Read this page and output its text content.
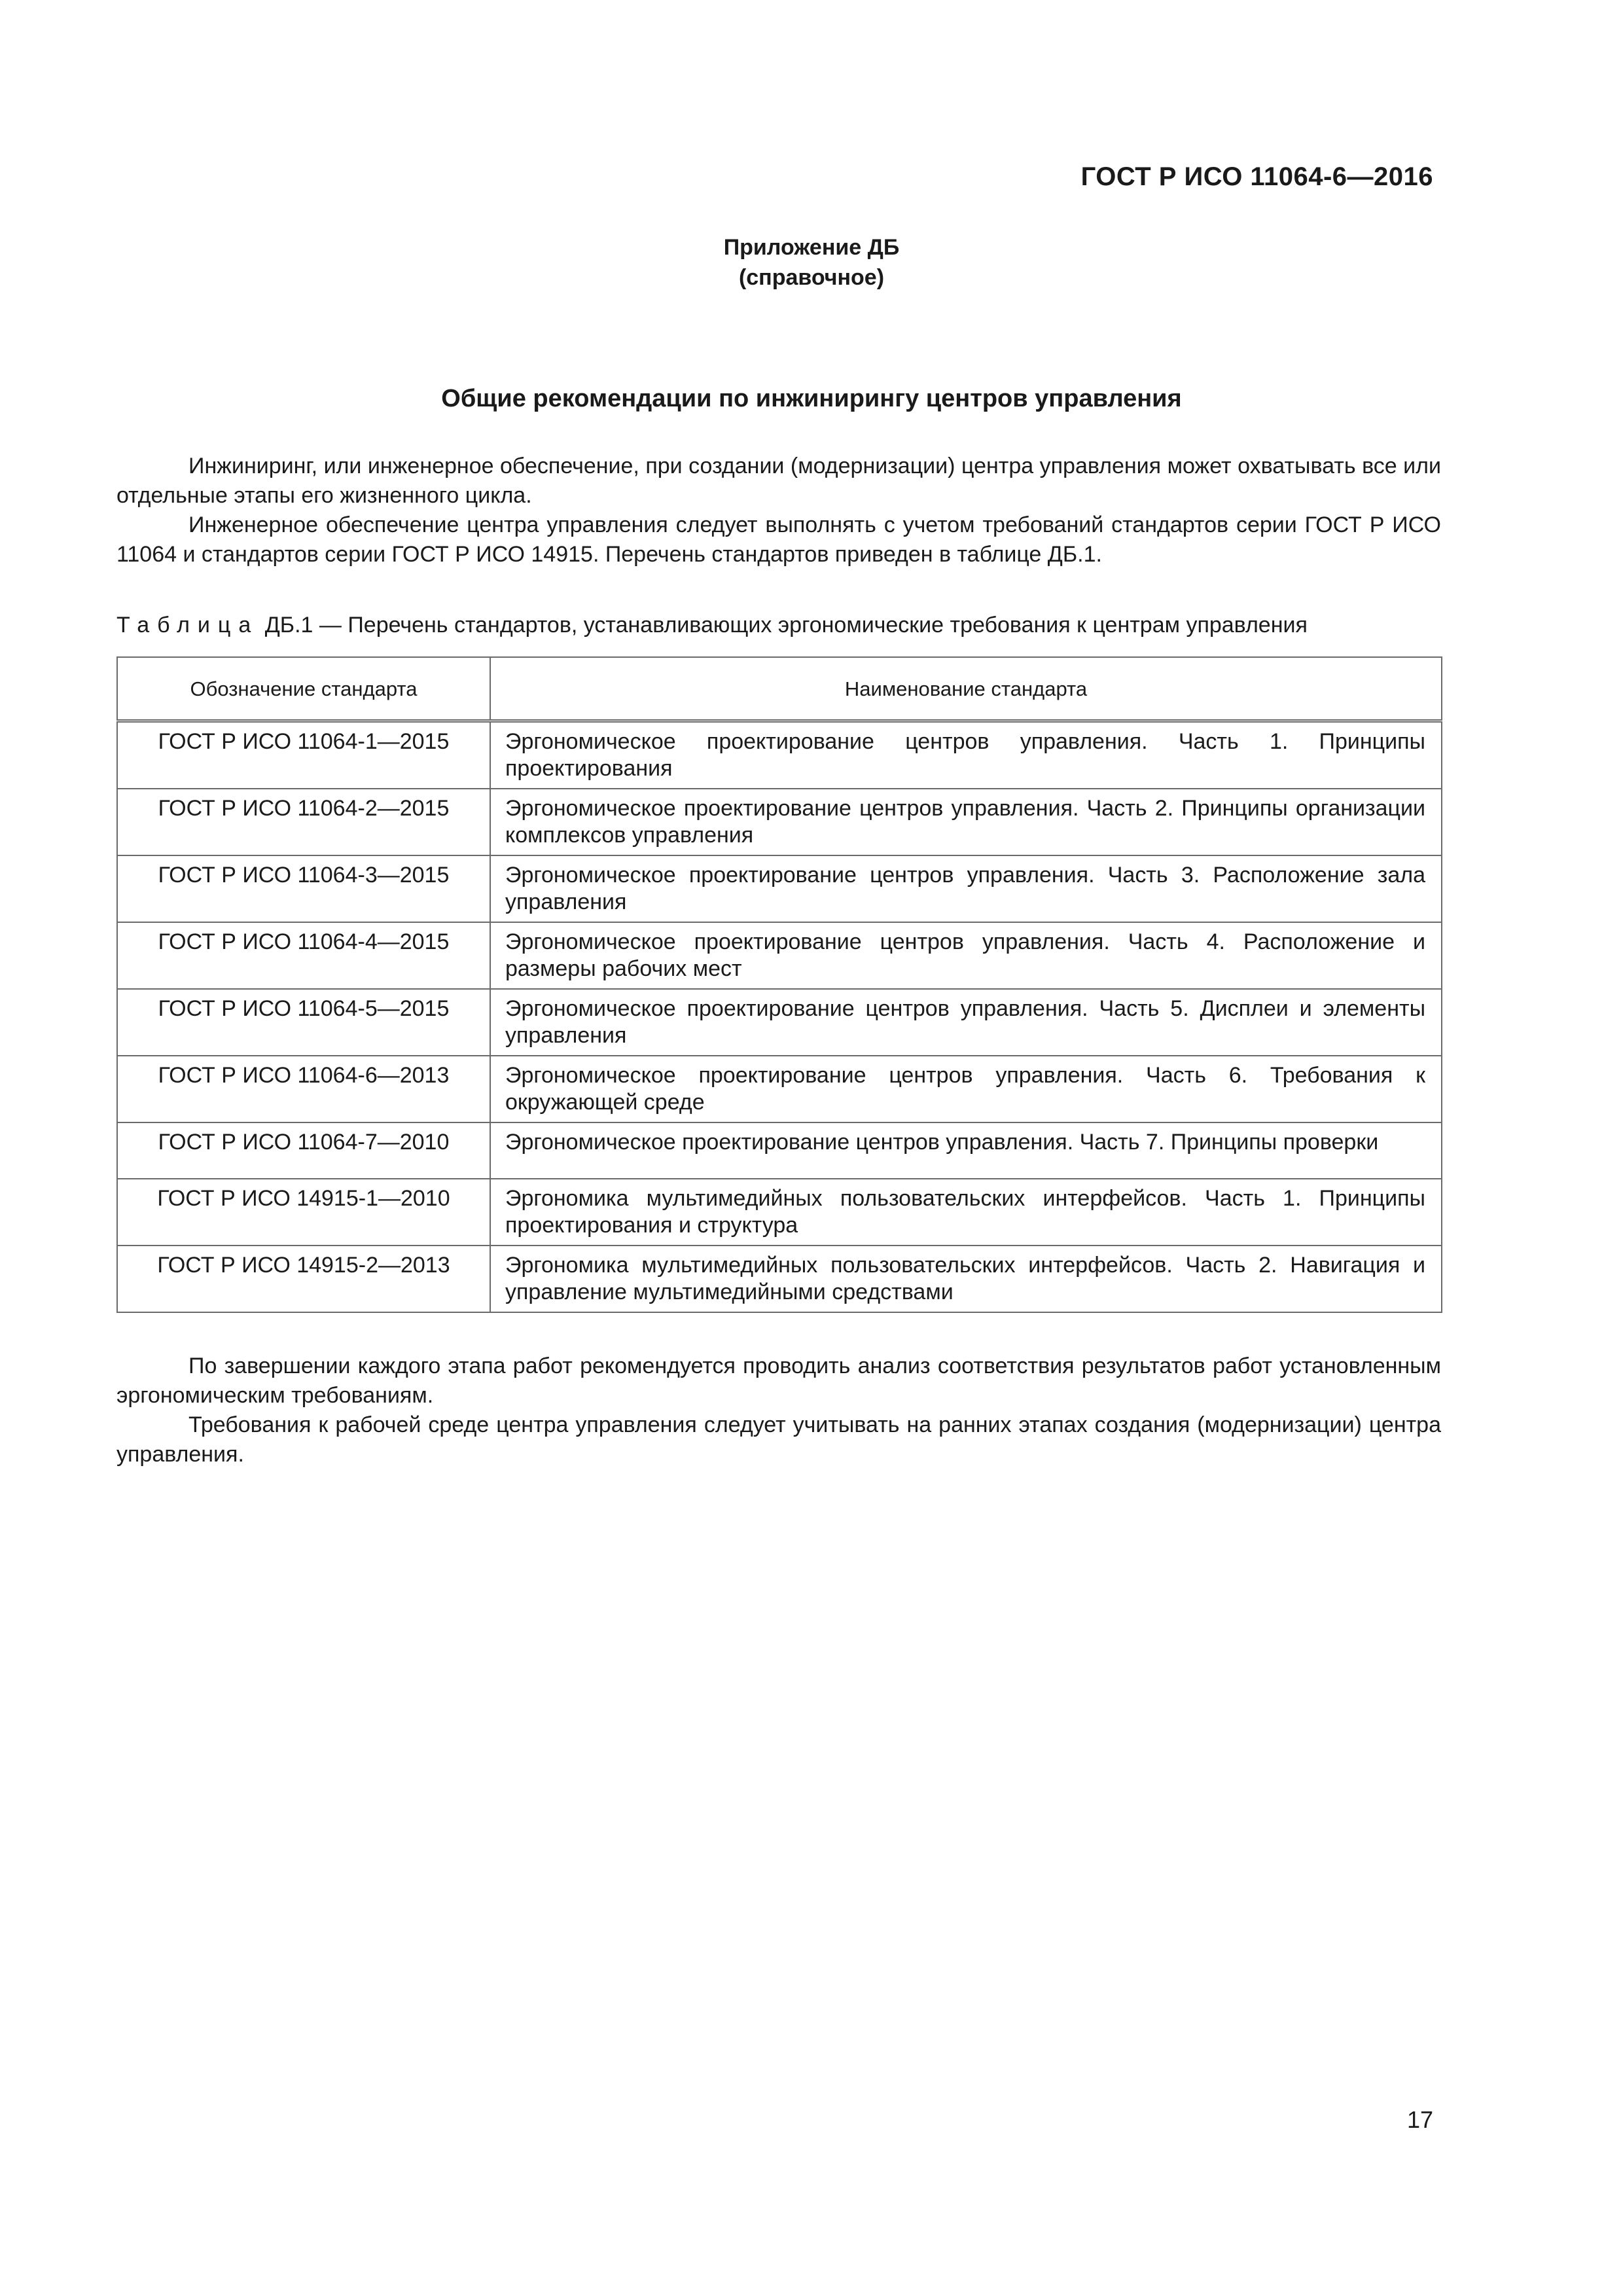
ГОСТ Р ИСО 11064-6—2016
Приложение ДБ
(справочное)
Общие рекомендации по инжинирингу центров управления

Инжиниринг, или инженерное обеспечение, при создании (модернизации) центра управления может охватывать все или отдельные этапы его жизненного цикла.

Инженерное обеспечение центра управления следует выполнять с учетом требований стандартов серии ГОСТ Р ИСО 11064 и стандартов серии ГОСТ Р ИСО 14915. Перечень стандартов приведен в таблице ДБ.1.

Таблица ДБ.1 — Перечень стандартов, устанавливающих эргономические требования к центрам управления
Обозначение стандарта	Наименование стандарта
ГОСТ Р ИСО 11064-1—2015	Эргономическое проектирование центров управления. Часть 1. Принципы проектирования
ГОСТ Р ИСО 11064-2—2015	Эргономическое проектирование центров управления. Часть 2. Принципы организации комплексов управления
ГОСТ Р ИСО 11064-3—2015	Эргономическое проектирование центров управления. Часть 3. Расположение зала управления
ГОСТ Р ИСО 11064-4—2015	Эргономическое проектирование центров управления. Часть 4. Расположение и размеры рабочих мест
ГОСТ Р ИСО 11064-5—2015	Эргономическое проектирование центров управления. Часть 5. Дисплеи и элементы управления
ГОСТ Р ИСО 11064-6—2013	Эргономическое проектирование центров управления. Часть 6. Требования к окружающей среде
ГОСТ Р ИСО 11064-7—2010	Эргономическое проектирование центров управления. Часть 7. Принципы проверки
ГОСТ Р ИСО 14915-1—2010	Эргономика мультимедийных пользовательских интерфейсов. Часть 1. Принципы проектирования и структура
ГОСТ Р ИСО 14915-2—2013	Эргономика мультимедийных пользовательских интерфейсов. Часть 2. Навигация и управление мультимедийными средствами

По завершении каждого этапа работ рекомендуется проводить анализ соответствия результатов работ установленным эргономическим требованиям.

Требования к рабочей среде центра управления следует учитывать на ранних этапах создания (модернизации) центра управления.

17
